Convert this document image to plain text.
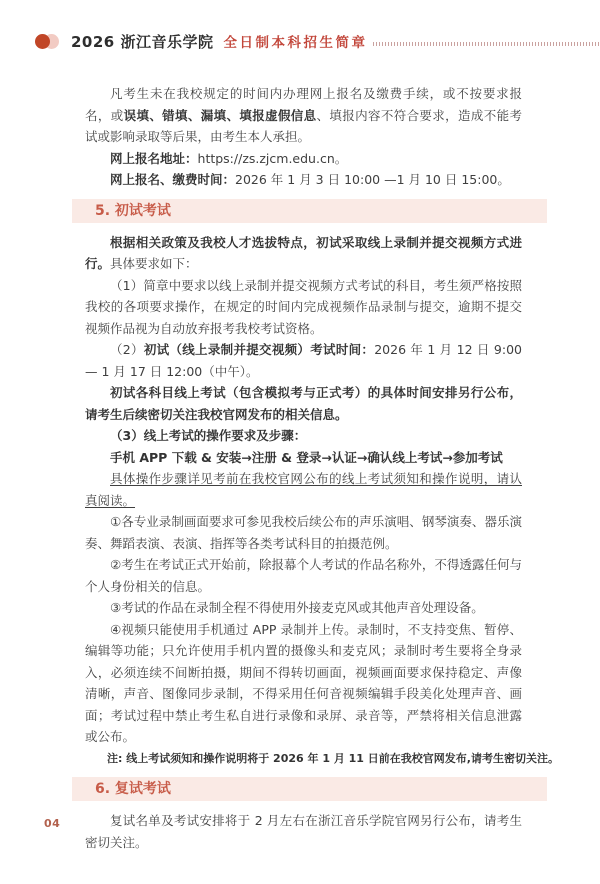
2026 浙江音乐学院 全日制本科招生简章

凡考生未在我校规定的时间内办理网上报名及缴费手续，或不按要求报名，或误填、错填、漏填、填报虚假信息、填报内容不符合要求，造成不能考试或影响录取等后果，由考生本人承担。

网上报名地址：https://zs.zjcm.edu.cn。

网上报名、缴费时间：2026 年 1 月 3 日 10:00 —1 月 10 日 15:00。

5. 初试考试

根据相关政策及我校人才选拔特点，初试采取线上录制并提交视频方式进行。具体要求如下：

（1）简章中要求以线上录制并提交视频方式考试的科目，考生须严格按照我校的各项要求操作，在规定的时间内完成视频作品录制与提交，逾期不提交视频作品视为自动放弃报考我校考试资格。

（2）初试（线上录制并提交视频）考试时间：2026 年 1 月 12 日 9:00 — 1 月 17 日 12:00（中午）。

初试各科目线上考试（包含模拟考与正式考）的具体时间安排另行公布，请考生后续密切关注我校官网发布的相关信息。

（3）线上考试的操作要求及步骤：

手机 APP 下载 & 安装→注册 & 登录→认证→确认线上考试→参加考试

具体操作步骤详见考前在我校官网公布的线上考试须知和操作说明，请认真阅读。

①各专业录制画面要求可参见我校后续公布的声乐演唱、钢琴演奏、器乐演奏、舞蹈表演、表演、指挥等各类考试科目的拍摄范例。

②考生在考试正式开始前，除报幕个人考试的作品名称外，不得透露任何与个人身份相关的信息。

③考试的作品在录制全程不得使用外接麦克风或其他声音处理设备。

④视频只能使用手机通过 APP 录制并上传。录制时，不支持变焦、暂停、编辑等功能；只允许使用手机内置的摄像头和麦克风；录制时考生要将全身录入，必须连续不间断拍摄，期间不得转切画面，视频画面要求保持稳定、声像清晰，声音、图像同步录制，不得采用任何音视频编辑手段美化处理声音、画面；考试过程中禁止考生私自进行录像和录屏、录音等，严禁将相关信息泄露或公布。

注: 线上考试须知和操作说明将于 2026 年 1 月 11 日前在我校官网发布,请考生密切关注。

6. 复试考试

复试名单及考试安排将于 2 月左右在浙江音乐学院官网另行公布，请考生密切关注。

04
